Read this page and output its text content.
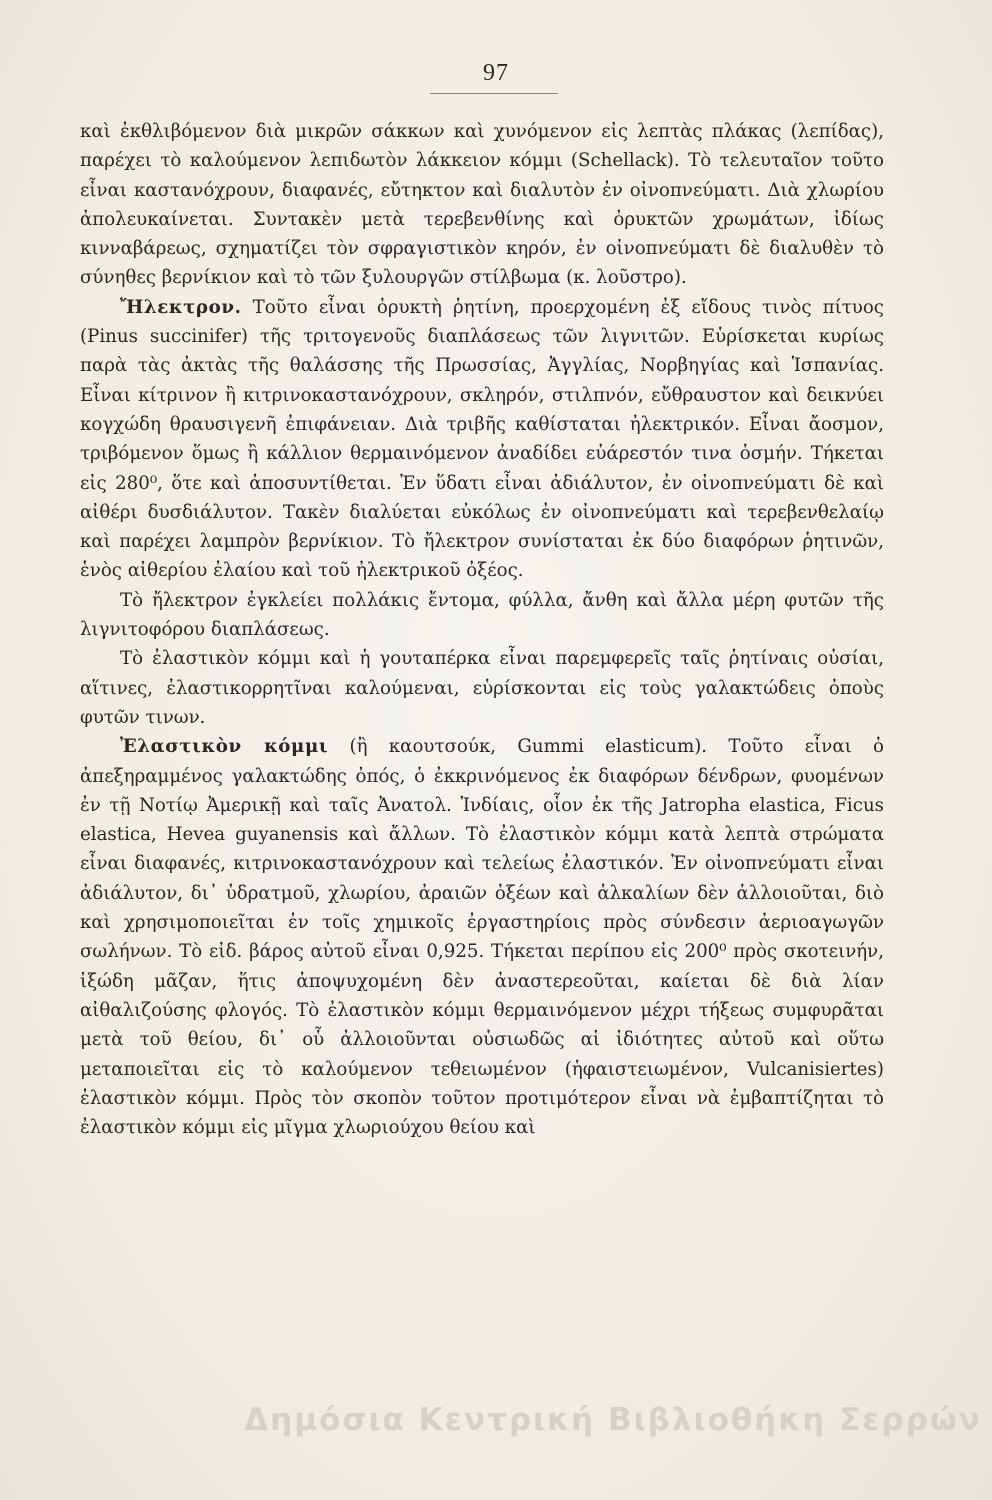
97

καὶ ἐκθλιβόμενον διὰ μικρῶν σάκκων καὶ χυνόμενον εἰς λεπτὰς πλάκας (λεπίδας), παρέχει τὸ καλούμενον λεπιδωτὸν λάκκειον κόμμι (Schellack). Τὸ τελευταῖον τοῦτο εἶναι καστανόχρουν, διαφανές, εὔτηκτον καὶ διαλυτὸν ἐν οἰνοπνεύματι. Διὰ χλωρίου ἀπολευκαίνεται. Συντακὲν μετὰ τερεβενθίνης καὶ ὀρυκτῶν χρωμάτων, ἰδίως κινναβάρεως, σχηματίζει τὸν σφραγιστικὸν κηρόν, ἐν οἰνοπνεύματι δὲ διαλυθὲν τὸ σύνηθες βερνίκιον καὶ τὸ τῶν ξυλουργῶν στίλβωμα (κ. λοῦστρο).

Ἤλεκτρον. Τοῦτο εἶναι ὀρυκτὴ ῥητίνη, προερχομένη ἐξ εἴδους τινὸς πίτυος (Pinus succinifer) τῆς τριτογενοῦς διαπλάσεως τῶν λιγνιτῶν. Εὑρίσκεται κυρίως παρὰ τὰς ἀκτὰς τῆς θαλάσσης τῆς Πρωσσίας, Ἀγγλίας, Νορβηγίας καὶ Ἱσπανίας. Εἶναι κίτρινον ἢ κιτρινοκαστανόχρουν, σκληρόν, στιλπνόν, εὔθραυστον καὶ δεικνύει κογχώδη θραυσιγενῆ ἐπιφάνειαν. Διὰ τριβῆς καθίσταται ἠλεκτρικόν. Εἶναι ἄοσμον, τριβόμενον ὅμως ἢ κάλλιον θερμαινόμενον ἀναδίδει εὐάρεστόν τινα ὀσμήν. Τήκεται εἰς 280⁰, ὅτε καὶ ἀποσυντίθεται. Ἐν ὕδατι εἶναι ἀδιάλυτον, ἐν οἰνοπνεύματι δὲ καὶ αἰθέρι δυσδιάλυτον. Τακὲν διαλύεται εὐκόλως ἐν οἰνοπνεύματι καὶ τερεβενθελαίῳ καὶ παρέχει λαμπρὸν βερνίκιον. Τὸ ἤλεκτρον συνίσταται ἐκ δύο διαφόρων ῥητινῶν, ἑνὸς αἰθερίου ἐλαίου καὶ τοῦ ἠλεκτρικοῦ ὀξέος.

Τὸ ἤλεκτρον ἐγκλείει πολλάκις ἔντομα, φύλλα, ἄνθη καὶ ἄλλα μέρη φυτῶν τῆς λιγνιτοφόρου διαπλάσεως.

Τὸ ἐλαστικὸν κόμμι καὶ ἡ γουταπέρκα εἶναι παρεμφερεῖς ταῖς ῥητίναις οὐσίαι, αἵτινες, ἐλαστικορρητῖναι καλούμεναι, εὑρίσκονται εἰς τοὺς γαλακτώδεις ὀποὺς φυτῶν τινων.

Ἐλαστικὸν κόμμι (ἢ καουτσούκ, Gummi elasticum). Τοῦτο εἶναι ὁ ἀπεξηραμμένος γαλακτώδης ὀπός, ὁ ἐκκρινόμενος ἐκ διαφόρων δένδρων, φυομένων ἐν τῇ Νοτίῳ Ἀμερικῇ καὶ ταῖς Ἀνατολ. Ἰνδίαις, οἷον ἐκ τῆς Jatropha elastica, Ficus elastica, Hevea guyanensis καὶ ἄλλων. Τὸ ἐλαστικὸν κόμμι κατὰ λεπτὰ στρώματα εἶναι διαφανές, κιτρινοκαστανόχρουν καὶ τελείως ἐλαστικόν. Ἐν οἰνοπνεύματι εἶναι ἀδιάλυτον, δι᾽ ὑδρατμοῦ, χλωρίου, ἀραιῶν ὀξέων καὶ ἀλκαλίων δὲν ἀλλοιοῦται, διὸ καὶ χρησιμοποιεῖται ἐν τοῖς χημικοῖς ἐργαστηρίοις πρὸς σύνδεσιν ἀεριοαγωγῶν σωλήνων. Τὸ εἰδ. βάρος αὐτοῦ εἶναι 0,925. Τήκεται περίπου εἰς 200⁰ πρὸς σκοτεινήν, ἰξώδη μᾶζαν, ἥτις ἀποψυχομένη δὲν ἀναστερεοῦται, καίεται δὲ διὰ λίαν αἰθαλιζούσης φλογός. Τὸ ἐλαστικὸν κόμμι θερμαινόμενον μέχρι τήξεως συμφυρᾶται μετὰ τοῦ θείου, δι᾽ οὗ ἀλλοιοῦνται οὐσιωδῶς αἱ ἰδιότητες αὐτοῦ καὶ οὕτω μεταποιεῖται εἰς τὸ καλούμενον τεθειωμένον (ἡφαιστειωμένον, Vulcanisiertes) ἐλαστικὸν κόμμι. Πρὸς τὸν σκοπὸν τοῦτον προτιμότερον εἶναι νὰ ἐμβαπτίζηται τὸ ἐλαστικὸν κόμμι εἰς μῖγμα χλωριούχου θείου καὶ

Δημόσια Κεντρική Βιβλιοθήκη Σερρών
